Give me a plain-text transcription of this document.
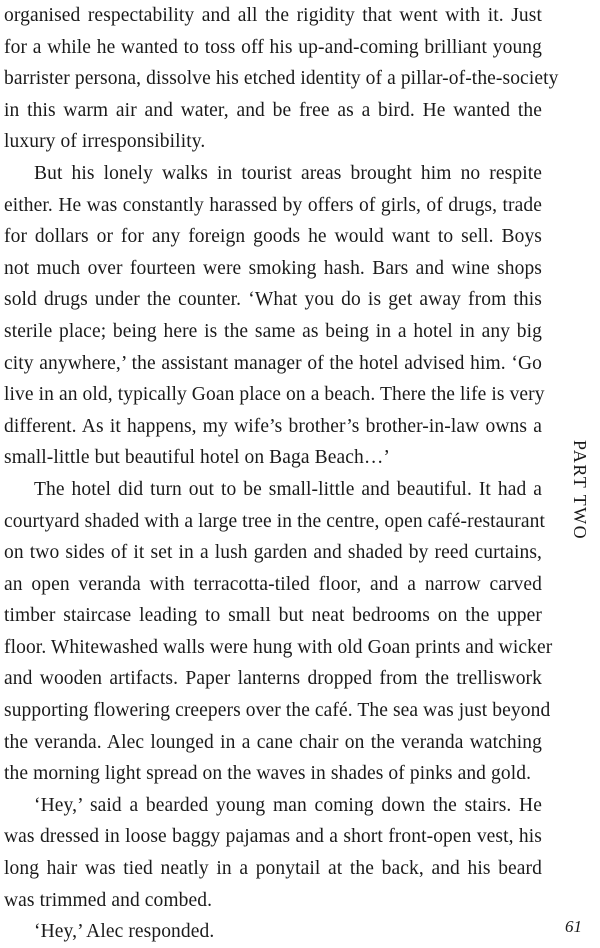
organised respectability and all the rigidity that went with it. Just
for a while he wanted to toss off his up-and-coming brilliant young
barrister persona, dissolve his etched identity of a pillar-of-the-society
in this warm air and water, and be free as a bird. He wanted the
luxury of irresponsibility.
But his lonely walks in tourist areas brought him no respite
either. He was constantly harassed by offers of girls, of drugs, trade
for dollars or for any foreign goods he would want to sell. Boys
not much over fourteen were smoking hash. Bars and wine shops
sold drugs under the counter. ‘What you do is get away from this
sterile place; being here is the same as being in a hotel in any big
city anywhere,’ the assistant manager of the hotel advised him. ‘Go
live in an old, typically Goan place on a beach. There the life is very
different. As it happens, my wife’s brother’s brother-in-law owns a
small-little but beautiful hotel on Baga Beach…’
The hotel did turn out to be small-little and beautiful. It had a
courtyard shaded with a large tree in the centre, open café-restaurant
on two sides of it set in a lush garden and shaded by reed curtains,
an open veranda with terracotta-tiled floor, and a narrow carved
timber staircase leading to small but neat bedrooms on the upper
floor. Whitewashed walls were hung with old Goan prints and wicker
and wooden artifacts. Paper lanterns dropped from the trelliswork
supporting flowering creepers over the café. The sea was just beyond
the veranda. Alec lounged in a cane chair on the veranda watching
the morning light spread on the waves in shades of pinks and gold.
‘Hey,’ said a bearded young man coming down the stairs. He
was dressed in loose baggy pajamas and a short front-open vest, his
long hair was tied neatly in a ponytail at the back, and his beard
was trimmed and combed.
‘Hey,’ Alec responded.
PART TWO
61
